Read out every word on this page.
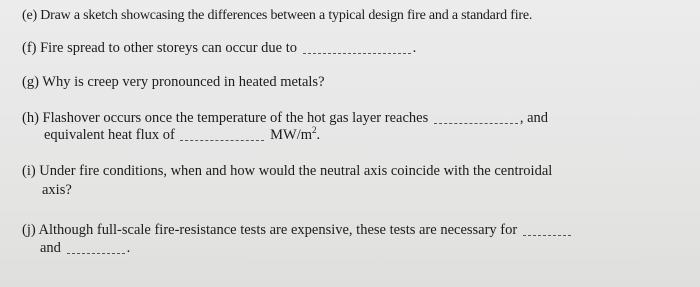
(e) Draw a sketch showcasing the differences between a typical design fire and a standard fire.
(f) Fire spread to other storeys can occur due to	.
(g) Why is creep very pronounced in heated metals?
(h) Flashover occurs once the temperature of the hot gas layer reaches	, and
equivalent heat flux of	$MW/m^2$.
(i) Under fire conditions, when and how would the neutral axis coincide with the centroidal
axis?
(j) Although full-scale fire-resistance tests are expensive, these tests are necessary for
and	.
